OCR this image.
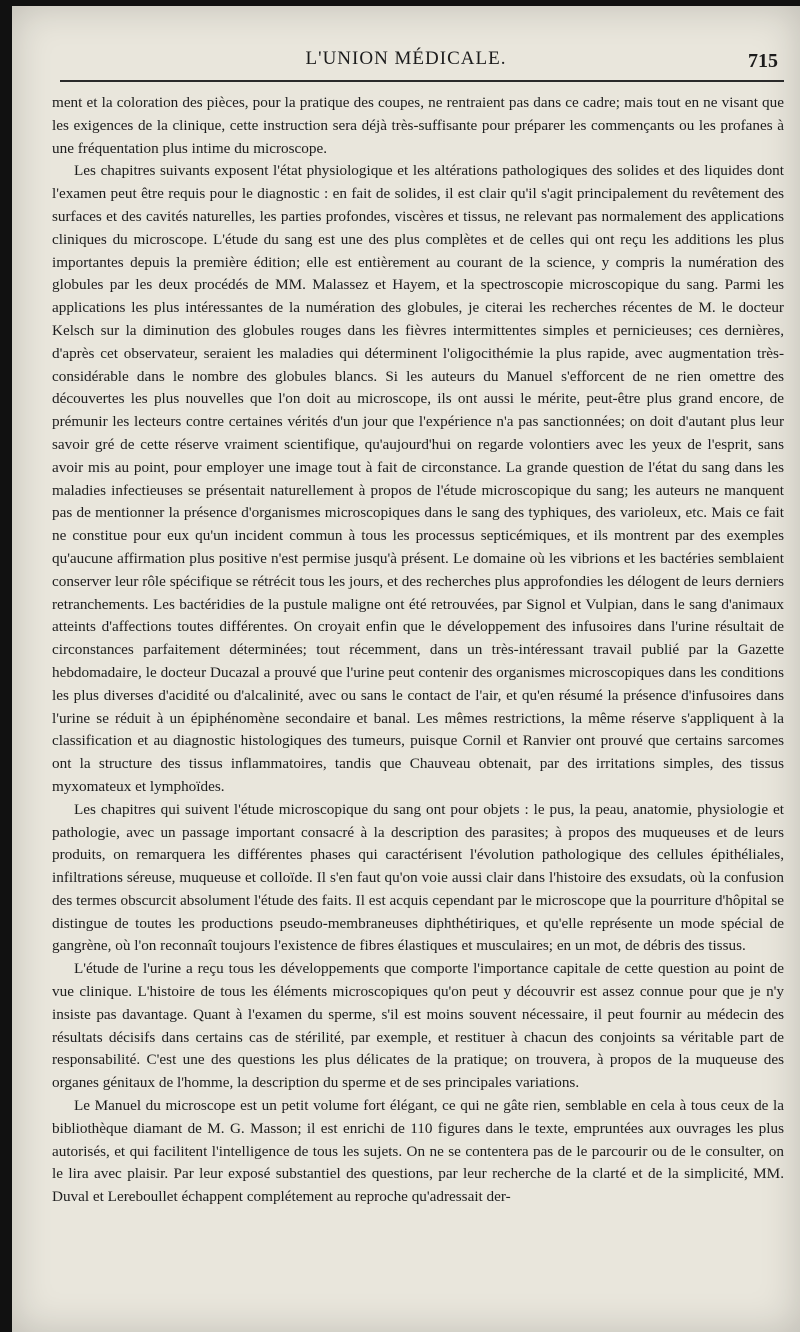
L'UNION MÉDICALE.	715

ment et la coloration des pièces, pour la pratique des coupes, ne rentraient pas dans ce cadre; mais tout en ne visant que les exigences de la clinique, cette instruction sera déjà très-suffisante pour préparer les commençants ou les profanes à une fréquentation plus intime du microscope.

Les chapitres suivants exposent l'état physiologique et les altérations pathologiques des solides et des liquides dont l'examen peut être requis pour le diagnostic : en fait de solides, il est clair qu'il s'agit principalement du revêtement des surfaces et des cavités naturelles, les parties profondes, viscères et tissus, ne relevant pas normalement des applications cliniques du microscope. L'étude du sang est une des plus complètes et de celles qui ont reçu les additions les plus importantes depuis la première édition; elle est entièrement au courant de la science, y compris la numération des globules par les deux procédés de MM. Malassez et Hayem, et la spectroscopie microscopique du sang. Parmi les applications les plus intéressantes de la numération des globules, je citerai les recherches récentes de M. le docteur Kelsch sur la diminution des globules rouges dans les fièvres intermittentes simples et pernicieuses; ces dernières, d'après cet observateur, seraient les maladies qui déterminent l'oligocithémie la plus rapide, avec augmentation très-considérable dans le nombre des globules blancs. Si les auteurs du Manuel s'efforcent de ne rien omettre des découvertes les plus nouvelles que l'on doit au microscope, ils ont aussi le mérite, peut-être plus grand encore, de prémunir les lecteurs contre certaines vérités d'un jour que l'expérience n'a pas sanctionnées; on doit d'autant plus leur savoir gré de cette réserve vraiment scientifique, qu'aujourd'hui on regarde volontiers avec les yeux de l'esprit, sans avoir mis au point, pour employer une image tout à fait de circonstance. La grande question de l'état du sang dans les maladies infectieuses se présentait naturellement à propos de l'étude microscopique du sang; les auteurs ne manquent pas de mentionner la présence d'organismes microscopiques dans le sang des typhiques, des varioleux, etc. Mais ce fait ne constitue pour eux qu'un incident commun à tous les processus septicémiques, et ils montrent par des exemples qu'aucune affirmation plus positive n'est permise jusqu'à présent. Le domaine où les vibrions et les bactéries semblaient conserver leur rôle spécifique se rétrécit tous les jours, et des recherches plus approfondies les délogent de leurs derniers retranchements. Les bactéridies de la pustule maligne ont été retrouvées, par Signol et Vulpian, dans le sang d'animaux atteints d'affections toutes différentes. On croyait enfin que le développement des infusoires dans l'urine résultait de circonstances parfaitement déterminées; tout récemment, dans un très-intéressant travail publié par la Gazette hebdomadaire, le docteur Ducazal a prouvé que l'urine peut contenir des organismes microscopiques dans les conditions les plus diverses d'acidité ou d'alcalinité, avec ou sans le contact de l'air, et qu'en résumé la présence d'infusoires dans l'urine se réduit à un épiphénomène secondaire et banal. Les mêmes restrictions, la même réserve s'appliquent à la classification et au diagnostic histologiques des tumeurs, puisque Cornil et Ranvier ont prouvé que certains sarcomes ont la structure des tissus inflammatoires, tandis que Chauveau obtenait, par des irritations simples, des tissus myxomateux et lymphoïdes.

Les chapitres qui suivent l'étude microscopique du sang ont pour objets : le pus, la peau, anatomie, physiologie et pathologie, avec un passage important consacré à la description des parasites; à propos des muqueuses et de leurs produits, on remarquera les différentes phases qui caractérisent l'évolution pathologique des cellules épithéliales, infiltrations séreuse, muqueuse et colloïde. Il s'en faut qu'on voie aussi clair dans l'histoire des exsudats, où la confusion des termes obscurcit absolument l'étude des faits. Il est acquis cependant par le microscope que la pourriture d'hôpital se distingue de toutes les productions pseudo-membraneuses diphthétiriques, et qu'elle représente un mode spécial de gangrène, où l'on reconnaît toujours l'existence de fibres élastiques et musculaires; en un mot, de débris des tissus.

L'étude de l'urine a reçu tous les développements que comporte l'importance capitale de cette question au point de vue clinique. L'histoire de tous les éléments microscopiques qu'on peut y découvrir est assez connue pour que je n'y insiste pas davantage. Quant à l'examen du sperme, s'il est moins souvent nécessaire, il peut fournir au médecin des résultats décisifs dans certains cas de stérilité, par exemple, et restituer à chacun des conjoints sa véritable part de responsabilité. C'est une des questions les plus délicates de la pratique; on trouvera, à propos de la muqueuse des organes génitaux de l'homme, la description du sperme et de ses principales variations.

Le Manuel du microscope est un petit volume fort élégant, ce qui ne gâte rien, semblable en cela à tous ceux de la bibliothèque diamant de M. G. Masson; il est enrichi de 110 figures dans le texte, empruntées aux ouvrages les plus autorisés, et qui facilitent l'intelligence de tous les sujets. On ne se contentera pas de le parcourir ou de le consulter, on le lira avec plaisir. Par leur exposé substantiel des questions, par leur recherche de la clarté et de la simplicité, MM. Duval et Lereboullet échappent complétement au reproche qu'adressait der-
